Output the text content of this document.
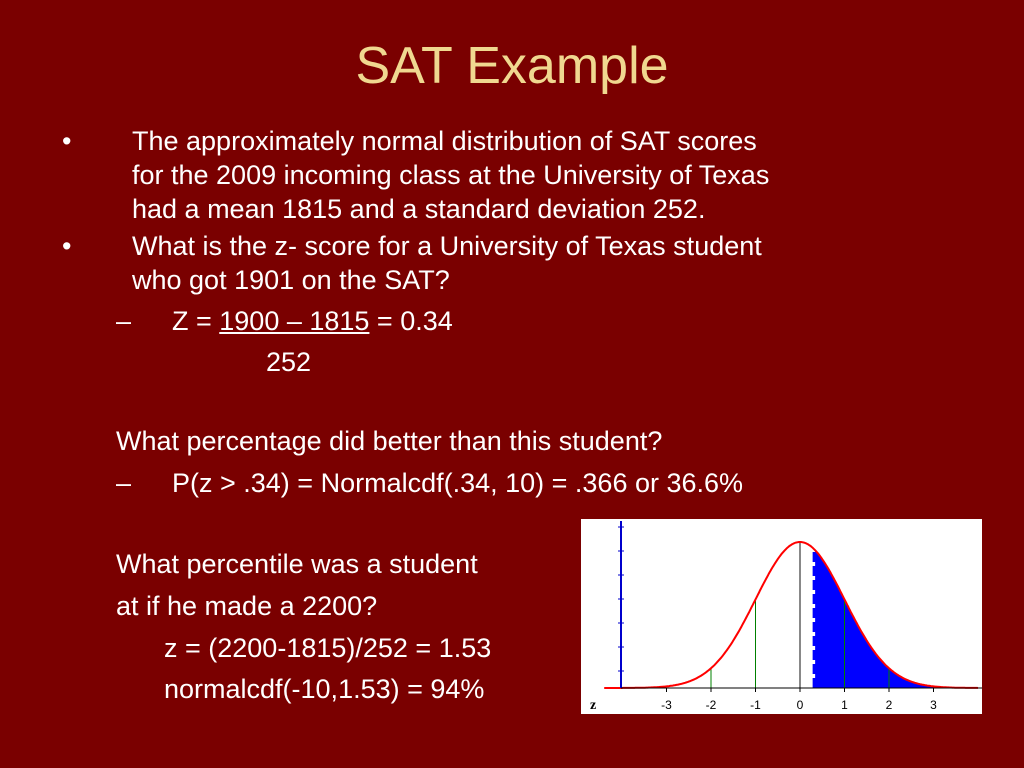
SAT Example
• The approximately normal distribution of SAT scores
for the 2009 incoming class at the University of Texas
had a mean 1815 and a standard deviation 252.
• What is the z- score for a University of Texas student
who got 1901 on the SAT?
– Z = 1900 – 1815 = 0.34
252
What percentage did better than this student?
– P(z > .34) = Normalcdf(.34, 10) = .366 or 36.6%
What percentile was a student
at if he made a 2200?
z = (2200-1815)/252 = 1.53
normalcdf(-10,1.53) = 94%
-3	-2	-1	0	1	2	3
z
